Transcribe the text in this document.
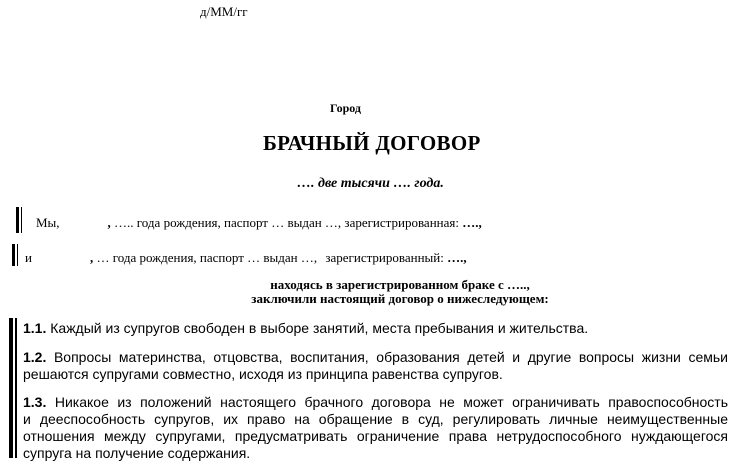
д/ММ/гг
Город
БРАЧНЫЙ ДОГОВОР
…. две тысячи …. года.
Мы,	, ….. года рождения, паспорт … выдан …, зарегистрированная: ….,
и	, … года рождения, паспорт … выдан …, зарегистрированный: ….,
находясь в зарегистрированном браке с …..,
заключили настоящий договор о нижеследующем:
1.1. Каждый из супругов свободен в выборе занятий, места пребывания и жительства.
1.2. Вопросы материнства, отцовства, воспитания, образования детей и другие вопросы жизни семьи
решаются супругами совместно, исходя из принципа равенства супругов.
1.3. Никакое из положений настоящего брачного договора не может ограничивать правоспособность
и дееспособность супругов, их право на обращение в суд, регулировать личные неимущественные
отношения между супругами, предусматривать ограничение права нетрудоспособного нуждающегося
супруга на получение содержания.
